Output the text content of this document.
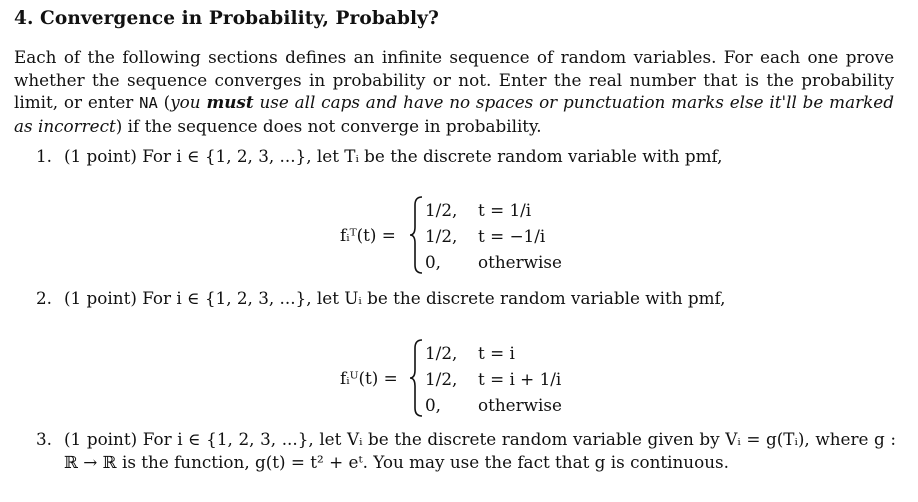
4. Convergence in Probability, Probably?
Each of the following sections defines an infinite sequence of random variables. For each one prove whether the sequence converges in probability or not. Enter the real number that is the probability limit, or enter NA (you must use all caps and have no spaces or punctuation marks else it'll be marked as incorrect) if the sequence does not converge in probability.
1. (1 point) For i ∈ {1, 2, 3, ...}, let Tᵢ be the discrete random variable with pmf,
fᵢᵀ(t) =
1/2, t = 1/i
1/2, t = −1/i
0, otherwise
2. (1 point) For i ∈ {1, 2, 3, ...}, let Uᵢ be the discrete random variable with pmf,
fᵢᵁ(t) =
1/2, t = i
1/2, t = i + 1/i
0, otherwise
3. (1 point) For i ∈ {1, 2, 3, ...}, let Vᵢ be the discrete random variable given by Vᵢ = g(Tᵢ), where g : ℝ → ℝ is the function, g(t) = t² + eᵗ. You may use the fact that g is continuous.
